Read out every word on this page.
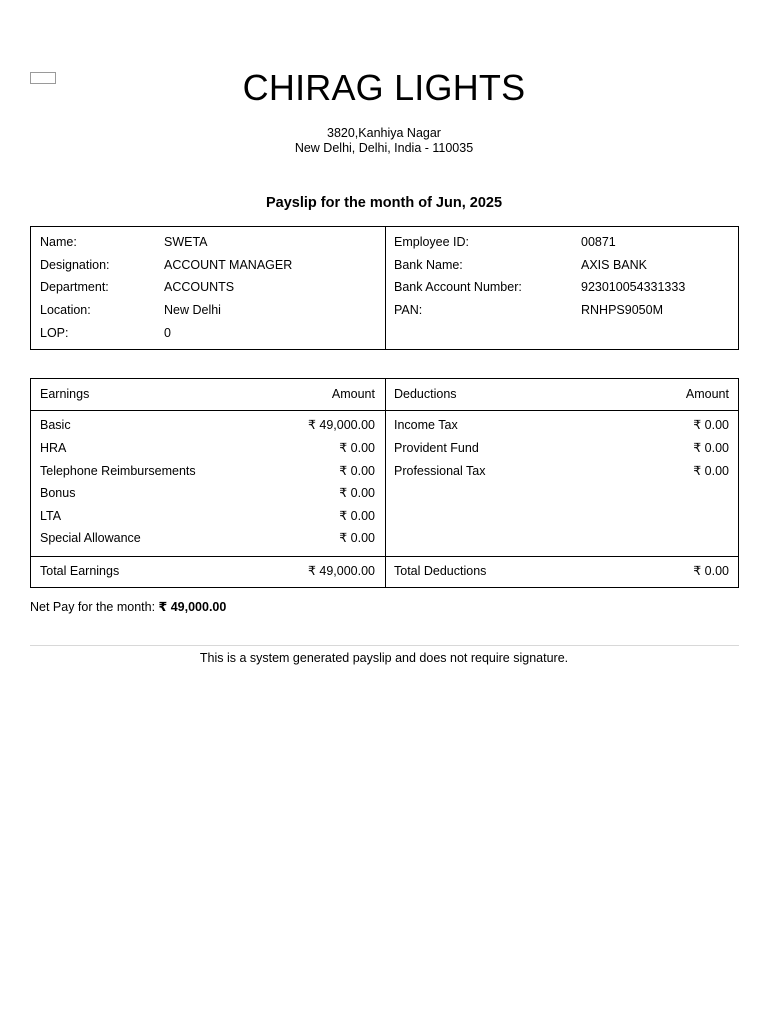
CHIRAG LIGHTS
3820,Kanhiya Nagar
New Delhi, Delhi, India - 110035
Payslip for the month of Jun, 2025
Name:	SWETA
Designation:	ACCOUNT MANAGER
Department:	ACCOUNTS
Location:	New Delhi
LOP:	0
Employee ID:	00871
Bank Name:	AXIS BANK
Bank Account Number:	923010054331333
PAN:	RNHPS9050M
Earnings	Amount Deductions	Amount
Basic	₹ 49,000.00
HRA	₹ 0.00
Telephone Reimbursements	₹ 0.00
Bonus	₹ 0.00
LTA	₹ 0.00
Special Allowance	₹ 0.00
Income Tax	₹ 0.00
Provident Fund	₹ 0.00
Professional Tax	₹ 0.00
Total Earnings	₹ 49,000.00 Total Deductions	₹ 0.00
Net Pay for the month: ₹ 49,000.00
This is a system generated payslip and does not require signature.
